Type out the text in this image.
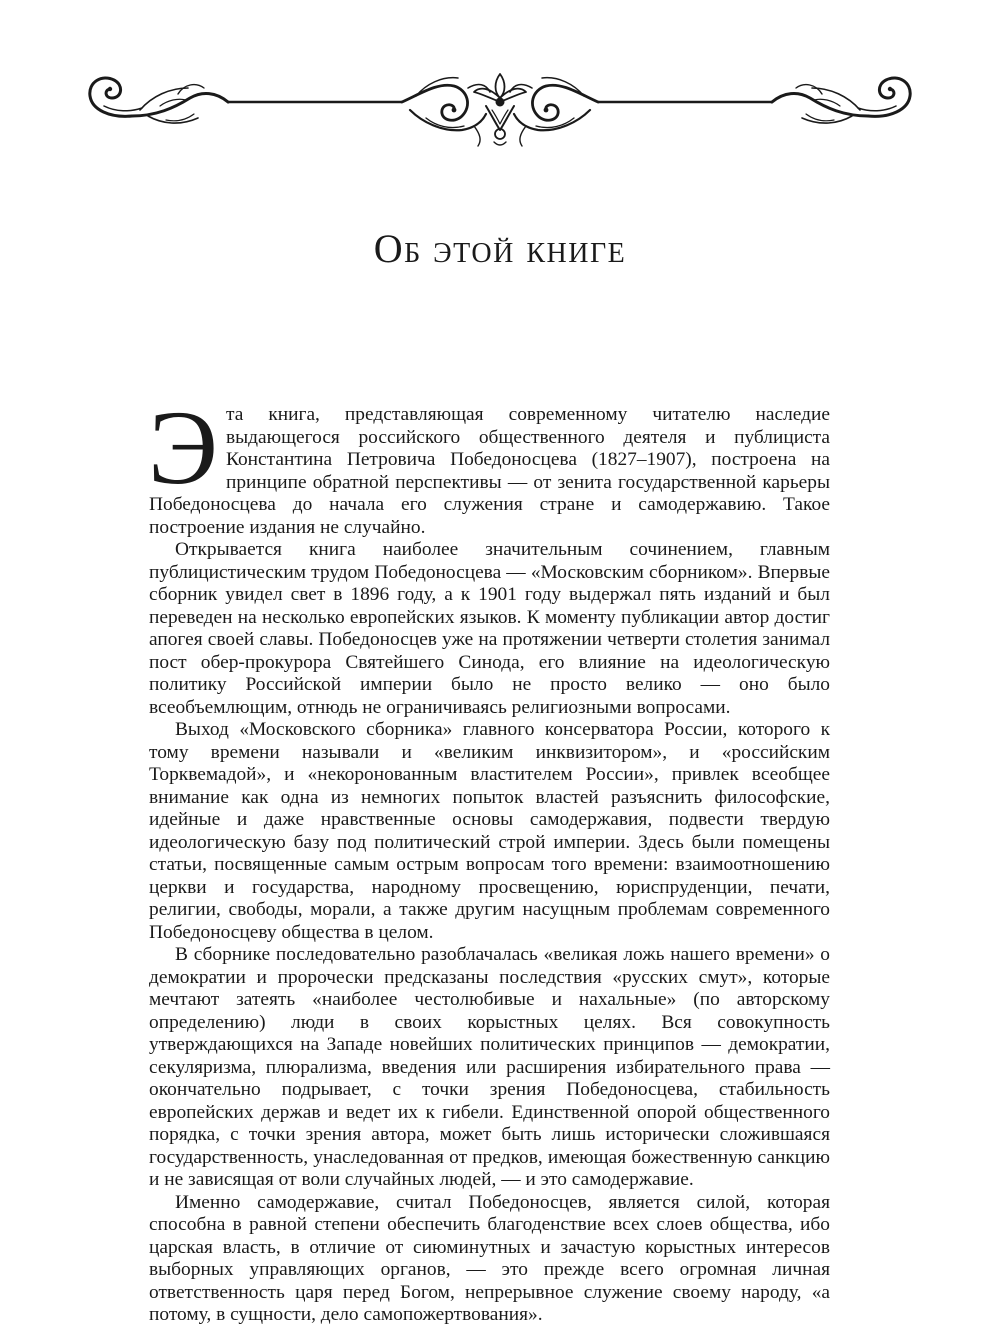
Об этой книге

Эта книга, представляющая современному читателю наследие выдающегося российского общественного деятеля и публициста Константина Петровича Победоносцева (1827–1907), построена на принципе обратной перспективы — от зенита государственной карьеры Победоносцева до начала его служения стране и самодержавию. Такое построение издания не случайно.

Открывается книга наиболее значительным сочинением, главным публицистическим трудом Победоносцева — «Московским сборником». Впервые сборник увидел свет в 1896 году, а к 1901 году выдержал пять изданий и был переведен на несколько европейских языков. К моменту публикации автор достиг апогея своей славы. Победоносцев уже на протяжении четверти столетия занимал пост обер-прокурора Святейшего Синода, его влияние на идеологическую политику Российской империи было не просто велико — оно было всеобъемлющим, отнюдь не ограничиваясь религиозными вопросами.

Выход «Московского сборника» главного консерватора России, которого к тому времени называли и «великим инквизитором», и «российским Торквемадой», и «некоронованным властителем России», привлек всеобщее внимание как одна из немногих попыток властей разъяснить философские, идейные и даже нравственные основы самодержавия, подвести твердую идеологическую базу под политический строй империи. Здесь были помещены статьи, посвященные самым острым вопросам того времени: взаимоотношению церкви и государства, народному просвещению, юриспруденции, печати, религии, свободы, морали, а также другим насущным проблемам современного Победоносцеву общества в целом.

В сборнике последовательно разоблачалась «великая ложь нашего времени» о демократии и пророчески предсказаны последствия «русских смут», которые мечтают затеять «наиболее честолюбивые и нахальные» (по авторскому определению) люди в своих корыстных целях. Вся совокупность утверждающихся на Западе новейших политических принципов — демократии, секуляризма, плюрализма, введения или расширения избирательного права — окончательно подрывает, с точки зрения Победоносцева, стабильность европейских держав и ведет их к гибели. Единственной опорой общественного порядка, с точки зрения автора, может быть лишь исторически сложившаяся государственность, унаследованная от предков, имеющая божественную санкцию и не зависящая от воли случайных людей, — и это самодержавие.

Именно самодержавие, считал Победоносцев, является силой, которая способна в равной степени обеспечить благоденствие всех слоев общества, ибо царская власть, в отличие от сиюминутных и зачастую корыстных интересов выборных управляющих органов, — это прежде всего огромная личная ответственность царя перед Богом, непрерывное служение своему народу, «а потому, в сущности, дело самопожертвования».
